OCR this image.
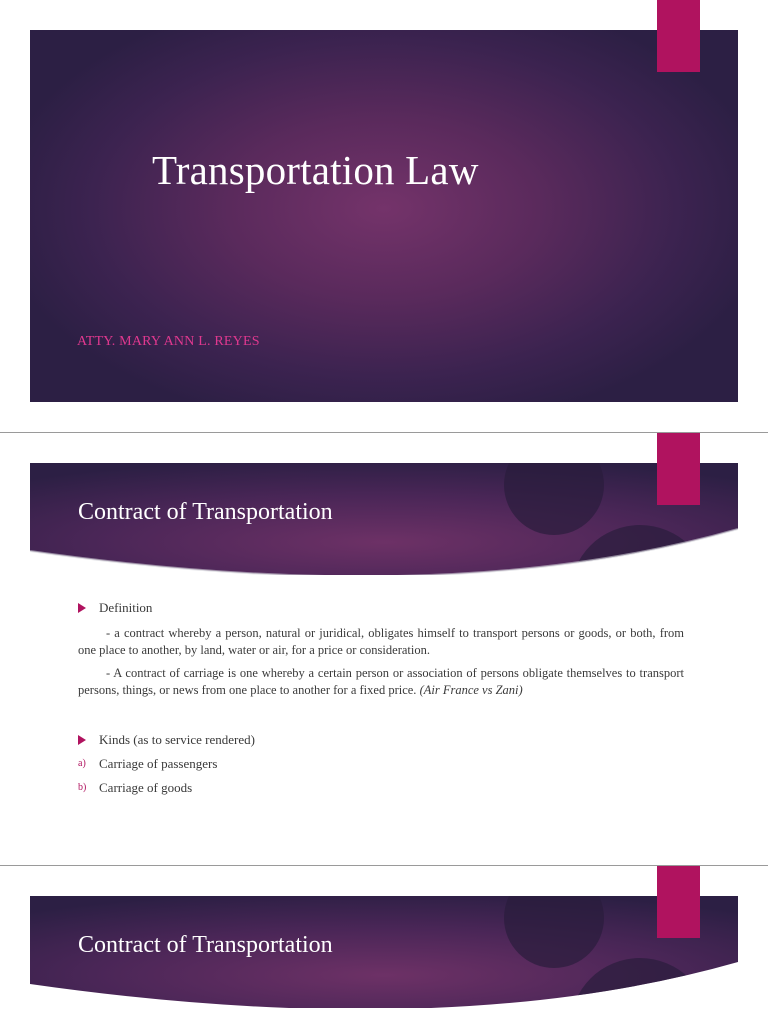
Transportation Law

ATTY. MARY ANN L. REYES

Contract of Transportation
Definition

- a contract whereby a person, natural or juridical, obligates himself to transport persons or goods, or both, from one place to another, by land, water or air, for a price or consideration.

- A contract of carriage is one whereby a certain person or association of persons obligate themselves to transport persons, things, or news from one place to another for a fixed price. (Air France vs Zani)

Kinds (as to service rendered)
a)	Carriage of passengers
b) Carriage of goods
Contract of Transportation
